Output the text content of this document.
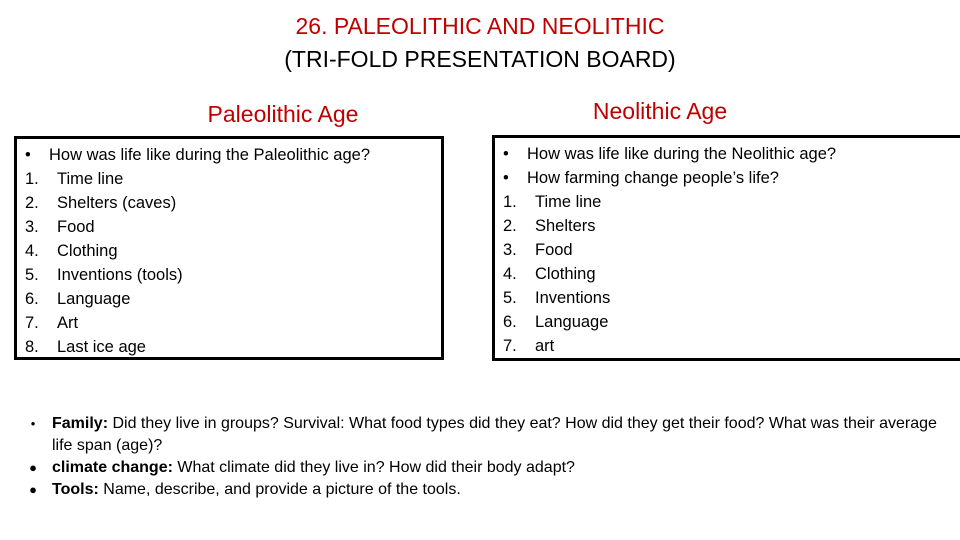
26. PALEOLITHIC AND NEOLITHIC
(TRI-FOLD PRESENTATION BOARD)
Paleolithic Age	Neolithic Age
•	How was life like during the Paleolithic age?
1.	Time line
2.	Shelters (caves)
3.	Food
4.	Clothing
5.	Inventions (tools)
6.	Language
7.	Art
8.	Last ice age
•	How was life like during the Neolithic age?
•	How farming change people’s life?
1.	Time line
2.	Shelters
3.	Food
4.	Clothing
5.	Inventions
6.	Language
7.	art
•	Family: Did they live in groups? Survival: What food types did they eat? How did they get their food? What was their average life span (age)?
● climate change: What climate did they live in? How did their body adapt?
● Tools: Name, describe, and provide a picture of the tools.
